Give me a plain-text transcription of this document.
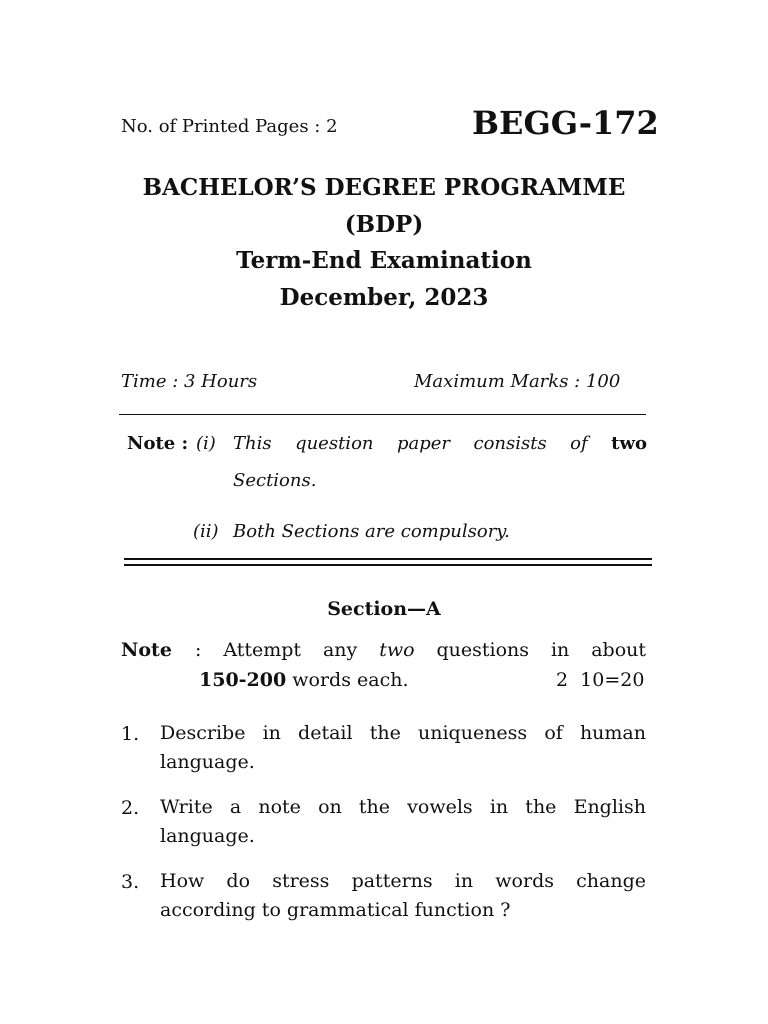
No. of Printed Pages : 2	BEGG-172
BACHELOR’S DEGREE PROGRAMME
(BDP)
Term-End Examination
December, 2023
Time : 3 Hours	Maximum Marks : 100
Note : (i) This question paper consists of two
Sections.
(ii) Both Sections are compulsory.
Section—A
Note : Attempt any two questions in about
150-200 words each.	2  10=20
1. Describe in detail the uniqueness of human
language.
2. Write a note on the vowels in the English
language.
3. How do stress patterns in words change
according to grammatical function ?
